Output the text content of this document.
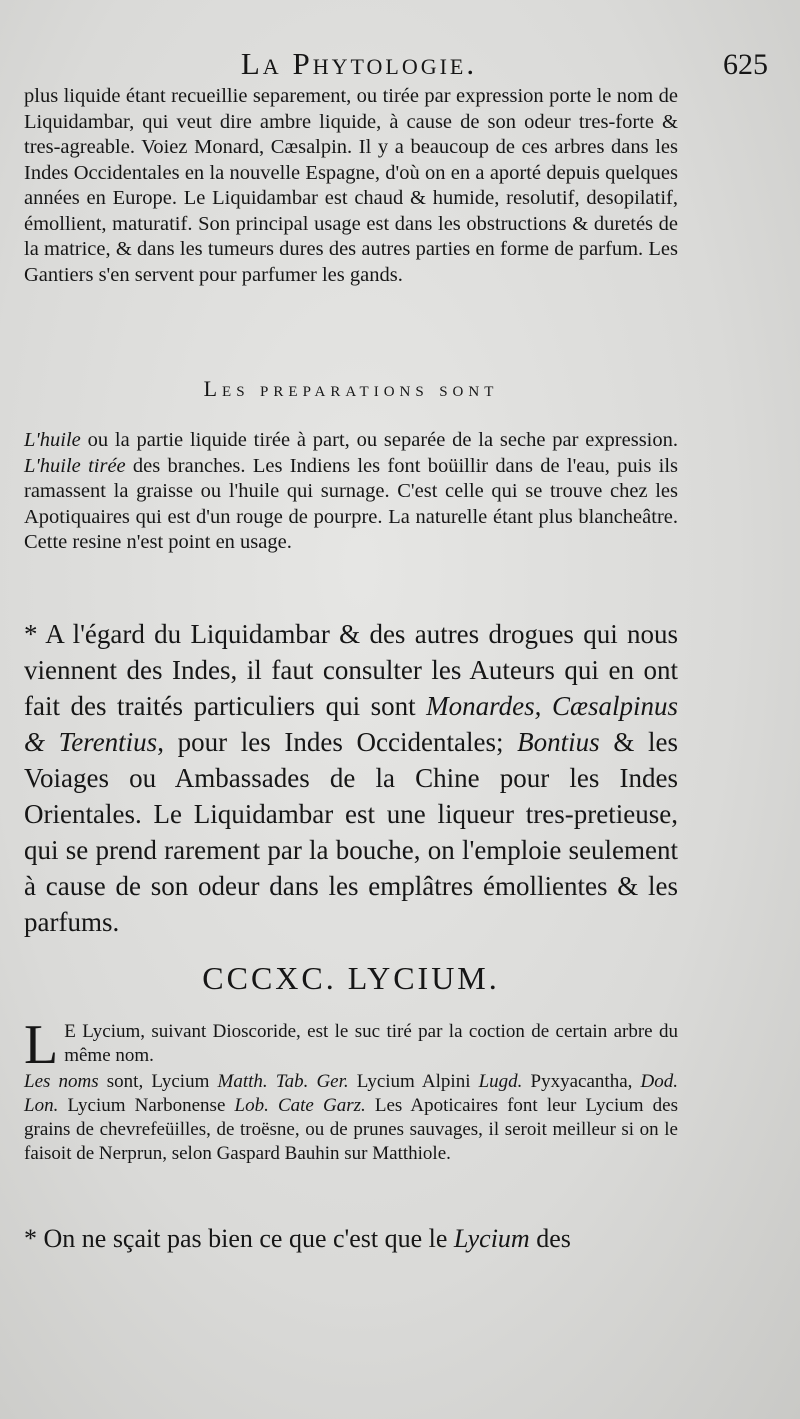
La Phytologie.	625

plus liquide étant recueillie separement, ou tirée par expression porte le nom de Liquidambar, qui veut dire ambre liquide, à cause de son odeur tres-forte & tres-agreable. Voiez Monard, Cæsalpin. Il y a beaucoup de ces arbres dans les Indes Occidentales en la nouvelle Espagne, d'où on en a aporté depuis quelques années en Europe. Le Liquidambar est chaud & humide, resolutif, desopilatif, émollient, maturatif. Son principal usage est dans les obstructions & duretés de la matrice, & dans les tumeurs dures des autres parties en forme de parfum. Les Gantiers s'en servent pour parfumer les gands.

Les preparations sont

L'huile ou la partie liquide tirée à part, ou separée de la seche par expression. L'huile tirée des branches. Les Indiens les font boüillir dans de l'eau, puis ils ramassent la graisse ou l'huile qui surnage. C'est celle qui se trouve chez les Apotiquaires qui est d'un rouge de pourpre. La naturelle étant plus blancheâtre. Cette resine n'est point en usage.

* A l'égard du Liquidambar & des autres drogues qui nous viennent des Indes, il faut consulter les Auteurs qui en ont fait des traités particuliers qui sont Monardes, Cæsalpinus & Terentius, pour les Indes Occidentales; Bontius & les Voiages ou Ambassades de la Chine pour les Indes Orientales. Le Liquidambar est une liqueur tres-pretieuse, qui se prend rarement par la bouche, on l'emploie seulement à cause de son odeur dans les emplâtres émollientes & les parfums.

CCCXC. LYCIUM.

L E Lycium, suivant Dioscoride, est le suc tiré par la coction de certain arbre du même nom.

Les noms sont, Lycium Matth. Tab. Ger. Lycium Alpini Lugd. Pyxyacantha, Dod. Lon. Lycium Narbonense Lob. Cate Garz. Les Apoticaires font leur Lycium des grains de chevrefeüilles, de troësne, ou de prunes sauvages, il seroit meilleur si on le faisoit de Nerprun, selon Gaspard Bauhin sur Matthiole.

* On ne sçait pas bien ce que c'est que le Lycium des
